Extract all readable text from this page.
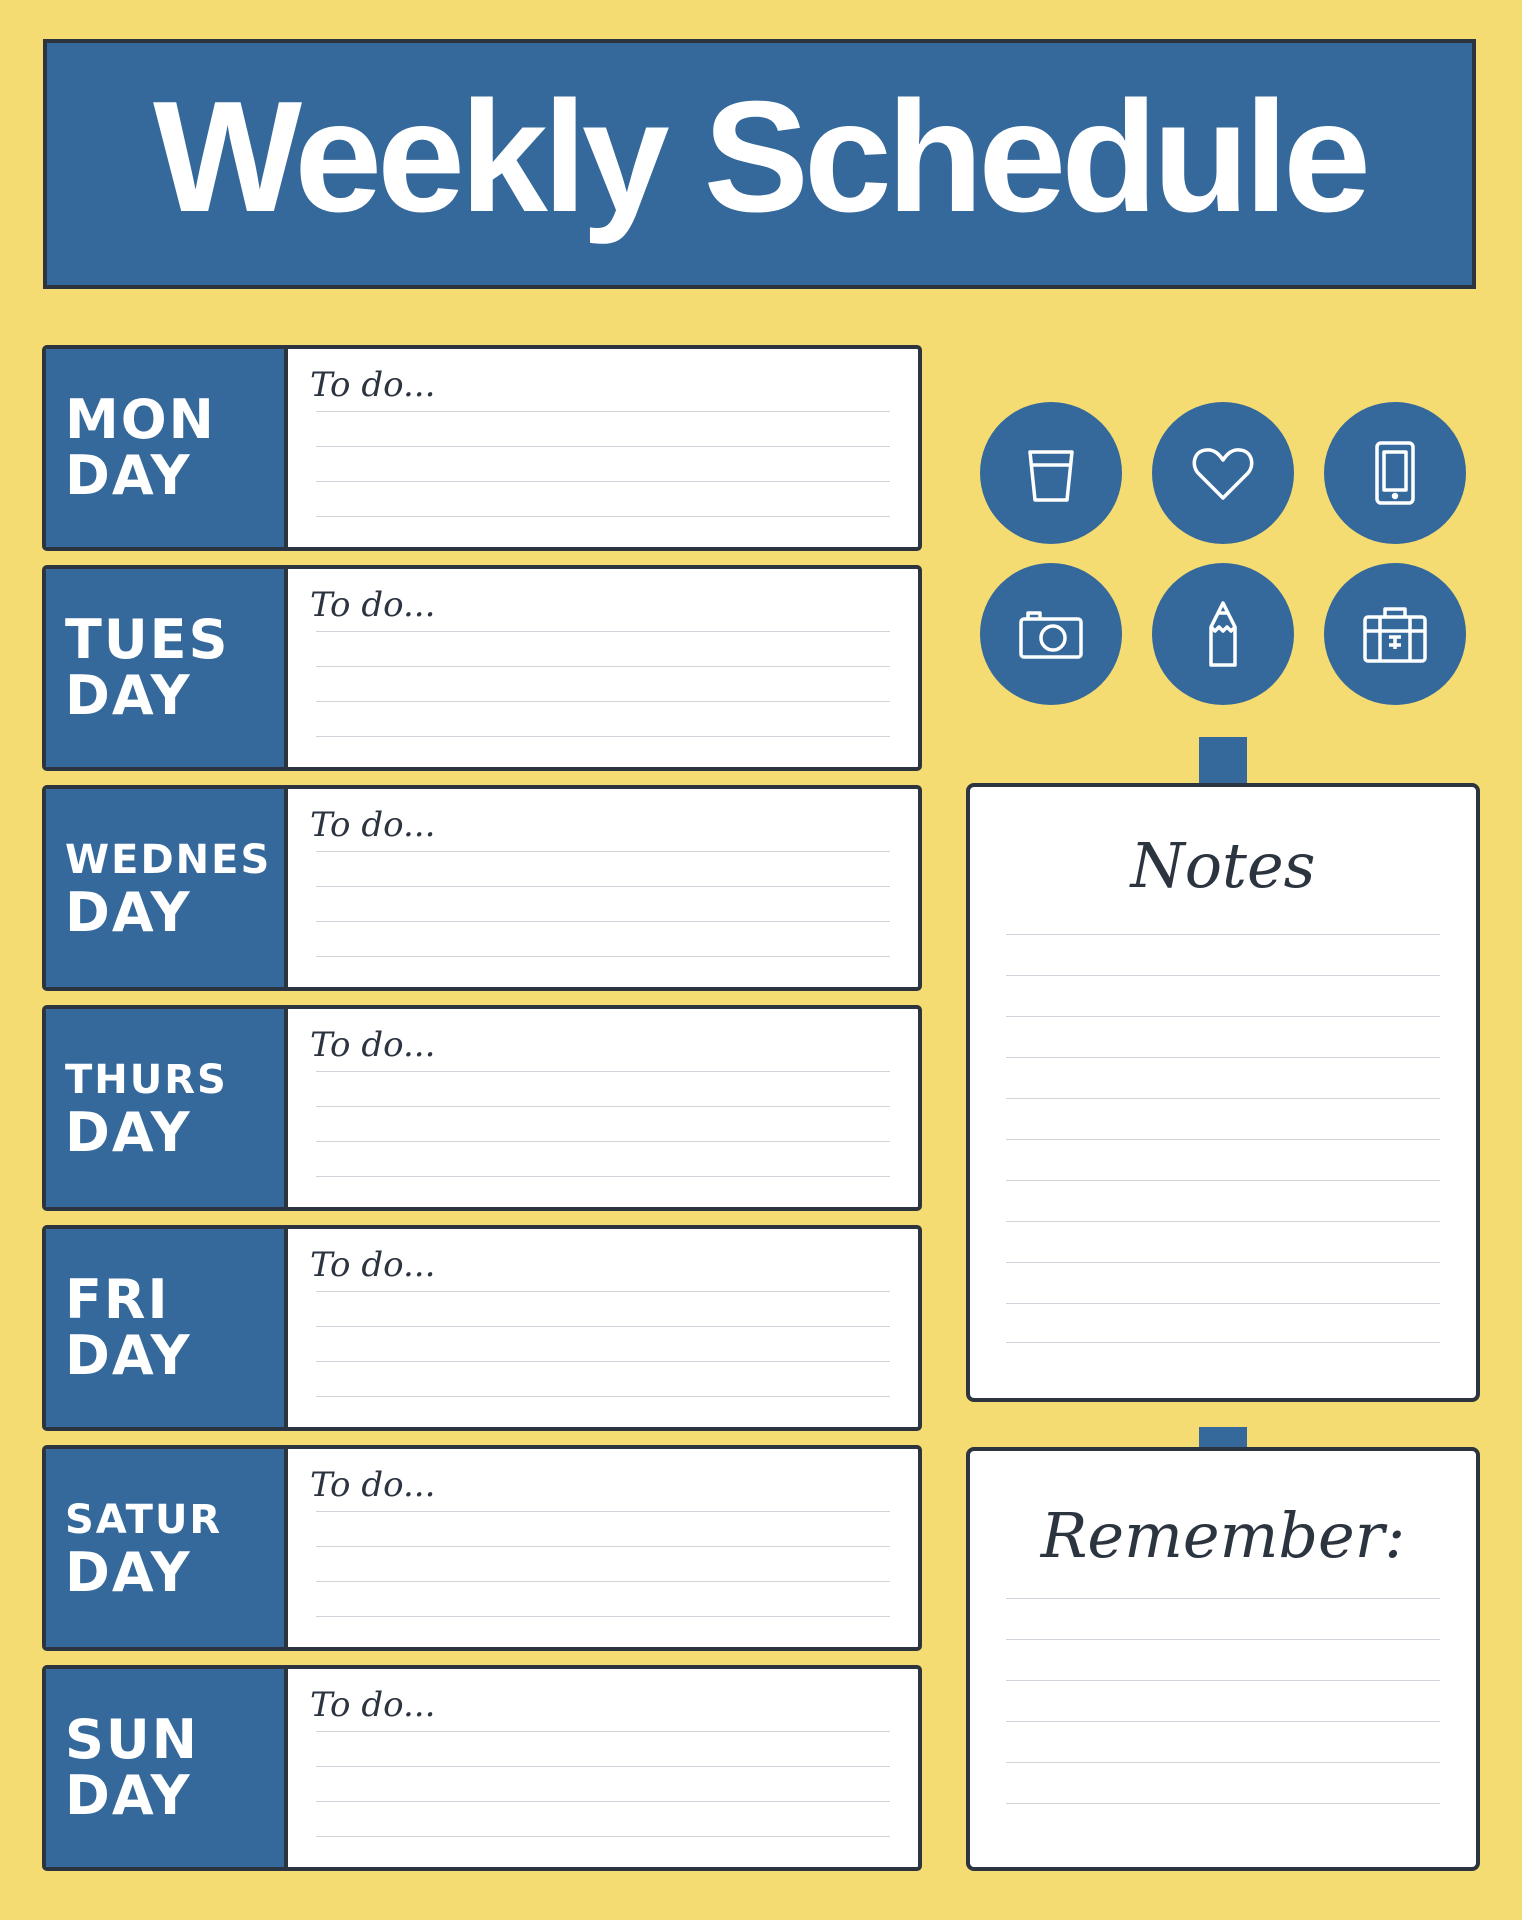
Weekly Schedule
MON
DAY
To do...
TUES
DAY
To do...
WEDNES
DAY
To do...
THURS
DAY
To do...
FRI
DAY
To do...
SATUR
DAY
To do...
SUN
DAY
To do...
Notes
Remember:
